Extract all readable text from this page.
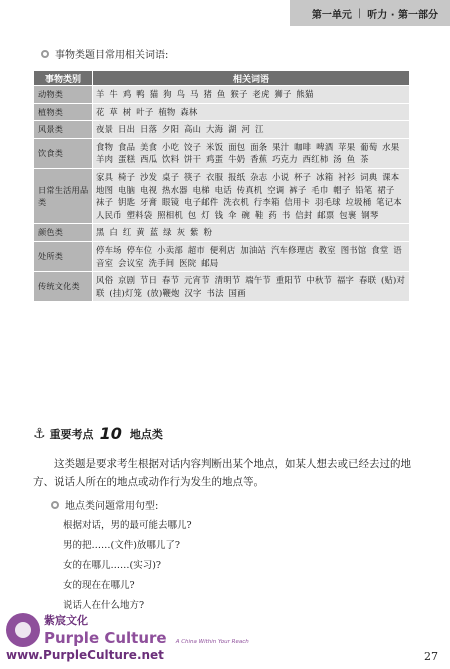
第一单元 | 听力 · 第一部分
事物类题目常用相关词语:
事物类别	相关词语
动物类	羊 牛 鸡 鸭 猫 狗 鸟 马 猪 鱼 猴子 老虎 狮子 熊猫
植物类	花 草 树 叶子 植物 森林
风景类	夜景 日出 日落 夕阳 高山 大海 湖 河 江
饮食类	食物 食品 美食 小吃 饺子 米饭 面包 面条 果汁 咖啡 啤酒 苹果 葡萄 水果 羊肉 蛋糕 西瓜 饮料 饼干 鸡蛋 牛奶 香蕉 巧克力 西红柿 汤 鱼 茶
日常生活用品类	家具 椅子 沙发 桌子 筷子 衣服 报纸 杂志 小说 杯子 冰箱 衬衫 词典 课本 地图 电脑 电视 热水器 电梯 电话 传真机 空调 裤子 毛巾 帽子 铅笔 裙子 袜子 钥匙 牙膏 眼镜 电子邮件 洗衣机 行李箱 信用卡 羽毛球 垃圾桶 笔记本 人民币 塑料袋 照相机 包 灯 钱 伞 碗 鞋 药 书 信封 邮票 包裹 钢琴
颜色类	黑 白 红 黄 蓝 绿 灰 紫 粉
处所类	停车场 停车位 小卖部 超市 便利店 加油站 汽车修理店 教室 图书馆 食堂 语音室 会议室 洗手间 医院 邮局
传统文化类	风俗 京剧 节日 春节 元宵节 清明节 端午节 重阳节 中秋节 福字 春联 (贴)对联 (挂)灯笼 (放)鞭炮 汉字 书法 国画
⚓ 重要考点 10 地点类
这类题是要求考生根据对话内容判断出某个地点，如某人想去或已经去过的地方、说话人所在的地点或动作行为发生的地点等。
地点类问题常用句型:
根据对话，男的最可能去哪儿?
男的把……(文件)放哪儿了?
女的在哪儿……(实习)?
女的现在在哪儿?
说话人在什么地方?
紫宸文化
Purple Culture A China Within Your Reach
www.PurpleCulture.net	27
